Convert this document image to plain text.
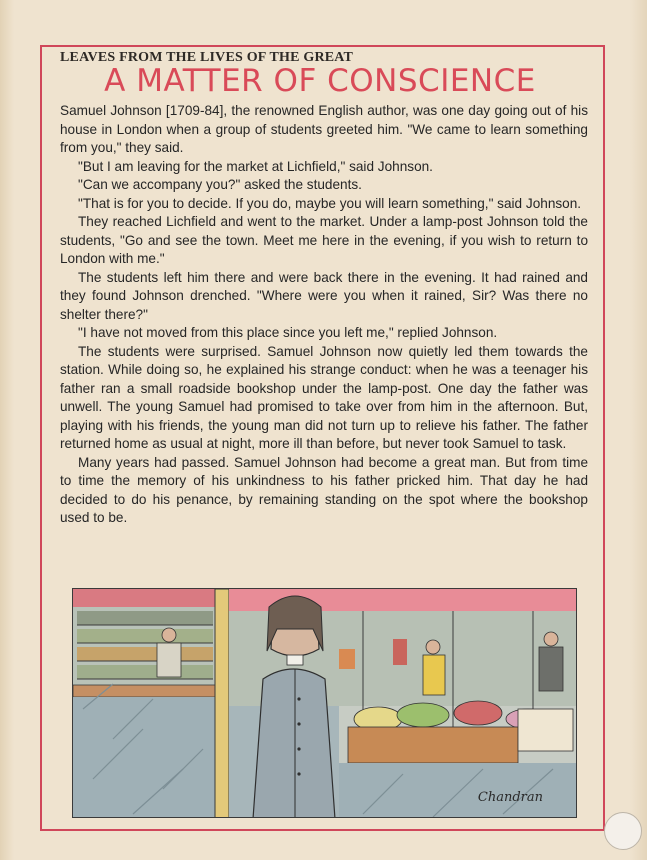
LEAVES FROM THE LIVES OF THE GREAT
A MATTER OF CONSCIENCE

Samuel Johnson [1709-84], the renowned English author, was one day going out of his house in London when a group of students greeted him. "We came to learn something from you," they said.

"But I am leaving for the market at Lichfield," said Johnson.

"Can we accompany you?" asked the students.

"That is for you to decide. If you do, maybe you will learn something," said Johnson.

They reached Lichfield and went to the market. Under a lamp-post Johnson told the students, "Go and see the town. Meet me here in the evening, if you wish to return to London with me."

The students left him there and were back there in the evening. It had rained and they found Johnson drenched. "Where were you when it rained, Sir? Was there no shelter there?"

"I have not moved from this place since you left me," replied Johnson.

The students were surprised. Samuel Johnson now quietly led them towards the station. While doing so, he explained his strange conduct: when he was a teenager his father ran a small roadside bookshop under the lamp-post. One day the father was unwell. The young Samuel had promised to take over from him in the afternoon. But, playing with his friends, the young man did not turn up to relieve his father. The father returned home as usual at night, more ill than before, but never took Samuel to task.

Many years had passed. Samuel Johnson had become a great man. But from time to time the memory of his unkindness to his father pricked him. That day he had decided to do his penance, by remaining standing on the spot where the bookshop used to be.

Chandran
